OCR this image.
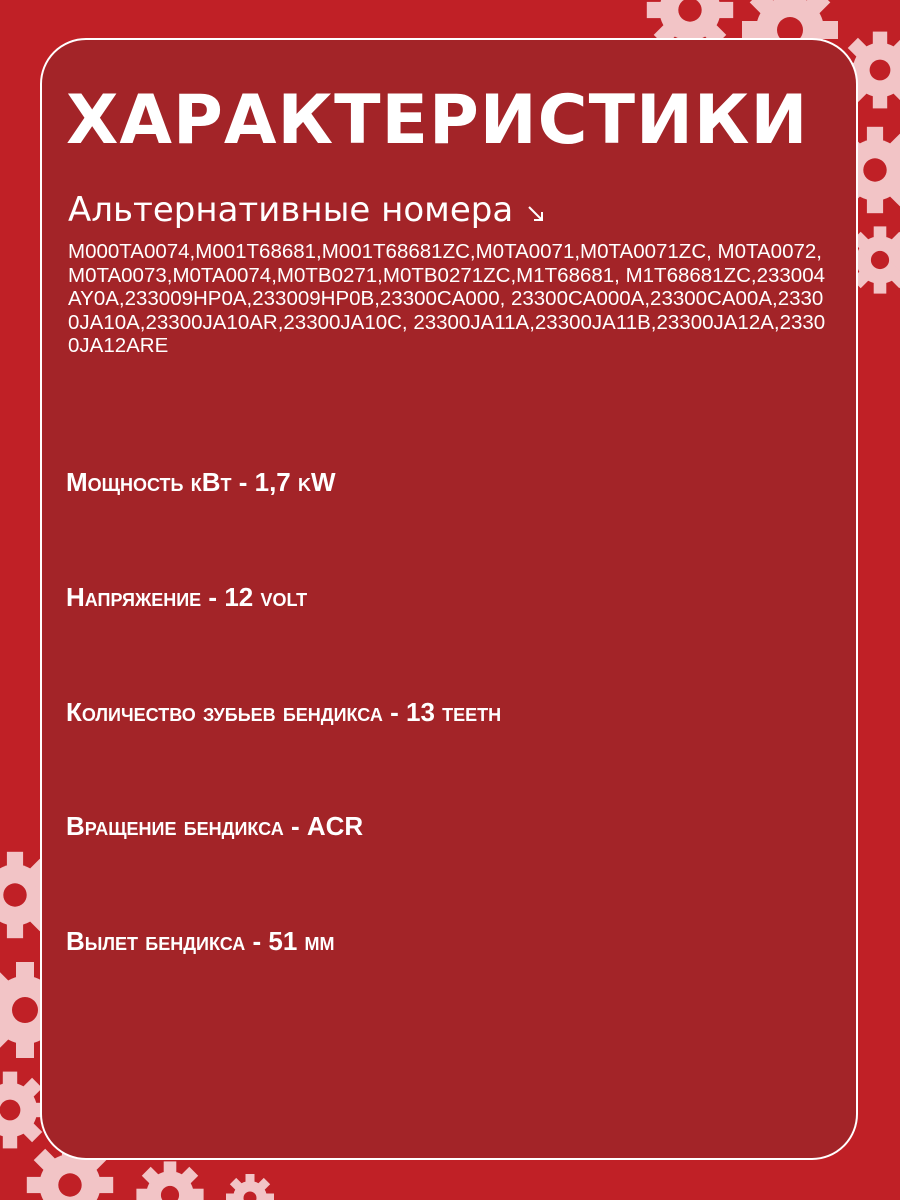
ХАРАКТЕРИСТИКИ
Альтернативные номера

M000TA0074,M001T68681,M001T68681ZC,M0TA0071,M0TA0071ZC, M0TA0072,M0TA0073,M0TA0074,M0TB0271,M0TB0271ZC,M1T68681, M1T68681ZC,233004AY0A,233009HP0A,233009HP0B,23300CA000, 23300CA000A,23300CA00A,23300JA10A,23300JA10AR,23300JA10C, 23300JA11A,23300JA11B,23300JA12A,23300JA12ARE

Мощность кВт - 1,7 kW
Напряжение - 12 volt
Количество зубьев бендикса - 13 teeth
Вращение бендикса - ACR
Вылет бендикса - 51 мм
